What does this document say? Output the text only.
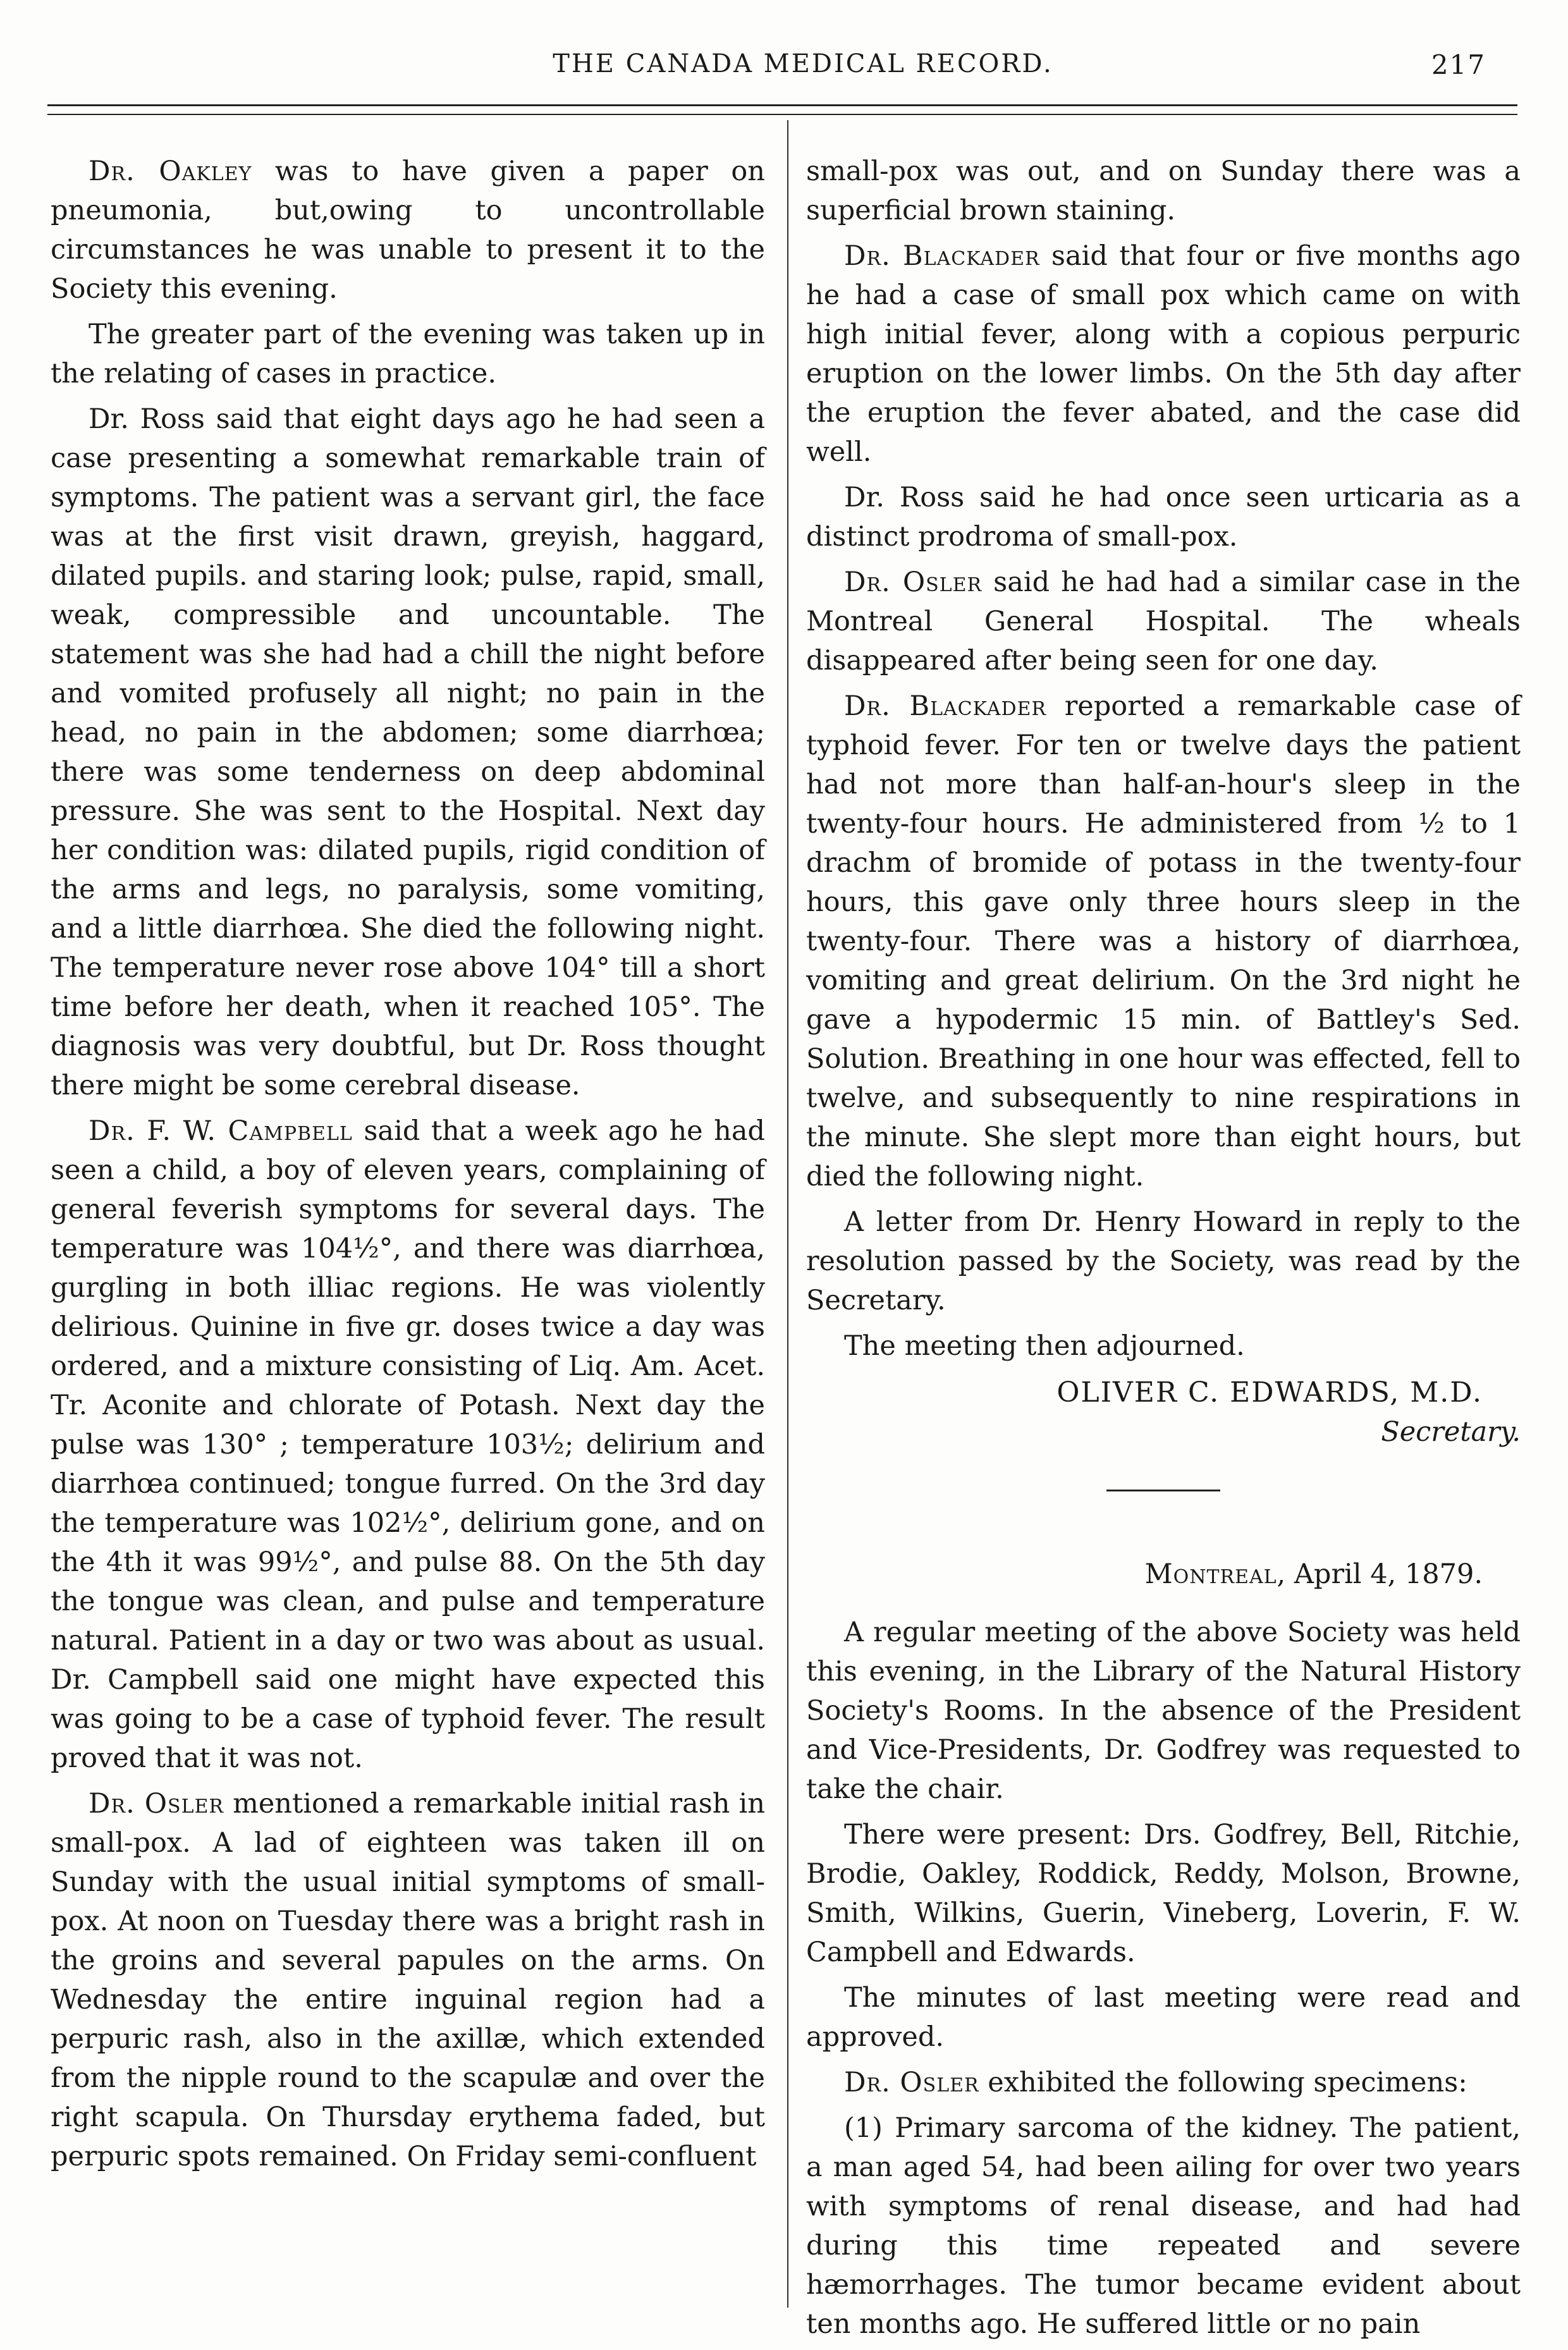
THE CANADA MEDICAL RECORD.	217

Dr. Oakley was to have given a paper on pneumonia, but,owing to uncontrollable circumstances he was unable to present it to the Society this evening.

The greater part of the evening was taken up in the relating of cases in practice.

Dr. Ross said that eight days ago he had seen a case presenting a somewhat remarkable train of symptoms. The patient was a servant girl, the face was at the first visit drawn, greyish, haggard, dilated pupils. and staring look; pulse, rapid, small, weak, compressible and uncountable. The statement was she had had a chill the night before and vomited profusely all night; no pain in the head, no pain in the abdomen; some diarrhœa; there was some tenderness on deep abdominal pressure. She was sent to the Hospital. Next day her condition was: dilated pupils, rigid condition of the arms and legs, no paralysis, some vomiting, and a little diarrhœa. She died the following night. The temperature never rose above 104° till a short time before her death, when it reached 105°. The diagnosis was very doubtful, but Dr. Ross thought there might be some cerebral disease.

Dr. F. W. Campbell said that a week ago he had seen a child, a boy of eleven years, complaining of general feverish symptoms for several days. The temperature was 104½°, and there was diarrhœa, gurgling in both illiac regions. He was violently delirious. Quinine in five gr. doses twice a day was ordered, and a mixture consisting of Liq. Am. Acet. Tr. Aconite and chlorate of Potash. Next day the pulse was 130° ; temperature 103½; delirium and diarrhœa continued; tongue furred. On the 3rd day the temperature was 102½°, delirium gone, and on the 4th it was 99½°, and pulse 88. On the 5th day the tongue was clean, and pulse and temperature natural. Patient in a day or two was about as usual. Dr. Campbell said one might have expected this was going to be a case of typhoid fever. The result proved that it was not.

Dr. Osler mentioned a remarkable initial rash in small-pox. A lad of eighteen was taken ill on Sunday with the usual initial symptoms of small-pox. At noon on Tuesday there was a bright rash in the groins and several papules on the arms. On Wednesday the entire inguinal region had a perpuric rash, also in the axillæ, which extended from the nipple round to the scapulæ and over the right scapula. On Thursday erythema faded, but perpuric spots remained. On Friday semi-confluent

small-pox was out, and on Sunday there was a superficial brown staining.

Dr. Blackader said that four or five months ago he had a case of small pox which came on with high initial fever, along with a copious perpuric eruption on the lower limbs. On the 5th day after the eruption the fever abated, and the case did well.

Dr. Ross said he had once seen urticaria as a distinct prodroma of small-pox.

Dr. Osler said he had had a similar case in the Montreal General Hospital. The wheals disappeared after being seen for one day.

Dr. Blackader reported a remarkable case of typhoid fever. For ten or twelve days the patient had not more than half-an-hour's sleep in the twenty-four hours. He administered from ½ to 1 drachm of bromide of potass in the twenty-four hours, this gave only three hours sleep in the twenty-four. There was a history of diarrhœa, vomiting and great delirium. On the 3rd night he gave a hypodermic 15 min. of Battley's Sed. Solution. Breathing in one hour was effected, fell to twelve, and subsequently to nine respirations in the minute. She slept more than eight hours, but died the following night.

A letter from Dr. Henry Howard in reply to the resolution passed by the Society, was read by the Secretary.

The meeting then adjourned.

OLIVER C. EDWARDS, M.D.

Secretary.

Montreal, April 4, 1879.

A regular meeting of the above Society was held this evening, in the Library of the Natural History Society's Rooms. In the absence of the President and Vice-Presidents, Dr. Godfrey was requested to take the chair.

There were present: Drs. Godfrey, Bell, Ritchie, Brodie, Oakley, Roddick, Reddy, Molson, Browne, Smith, Wilkins, Guerin, Vineberg, Loverin, F. W. Campbell and Edwards.

The minutes of last meeting were read and approved.

Dr. Osler exhibited the following specimens:

(1) Primary sarcoma of the kidney. The patient, a man aged 54, had been ailing for over two years with symptoms of renal disease, and had had during this time repeated and severe hæmorrhages. The tumor became evident about ten months ago. He suffered little or no pain
